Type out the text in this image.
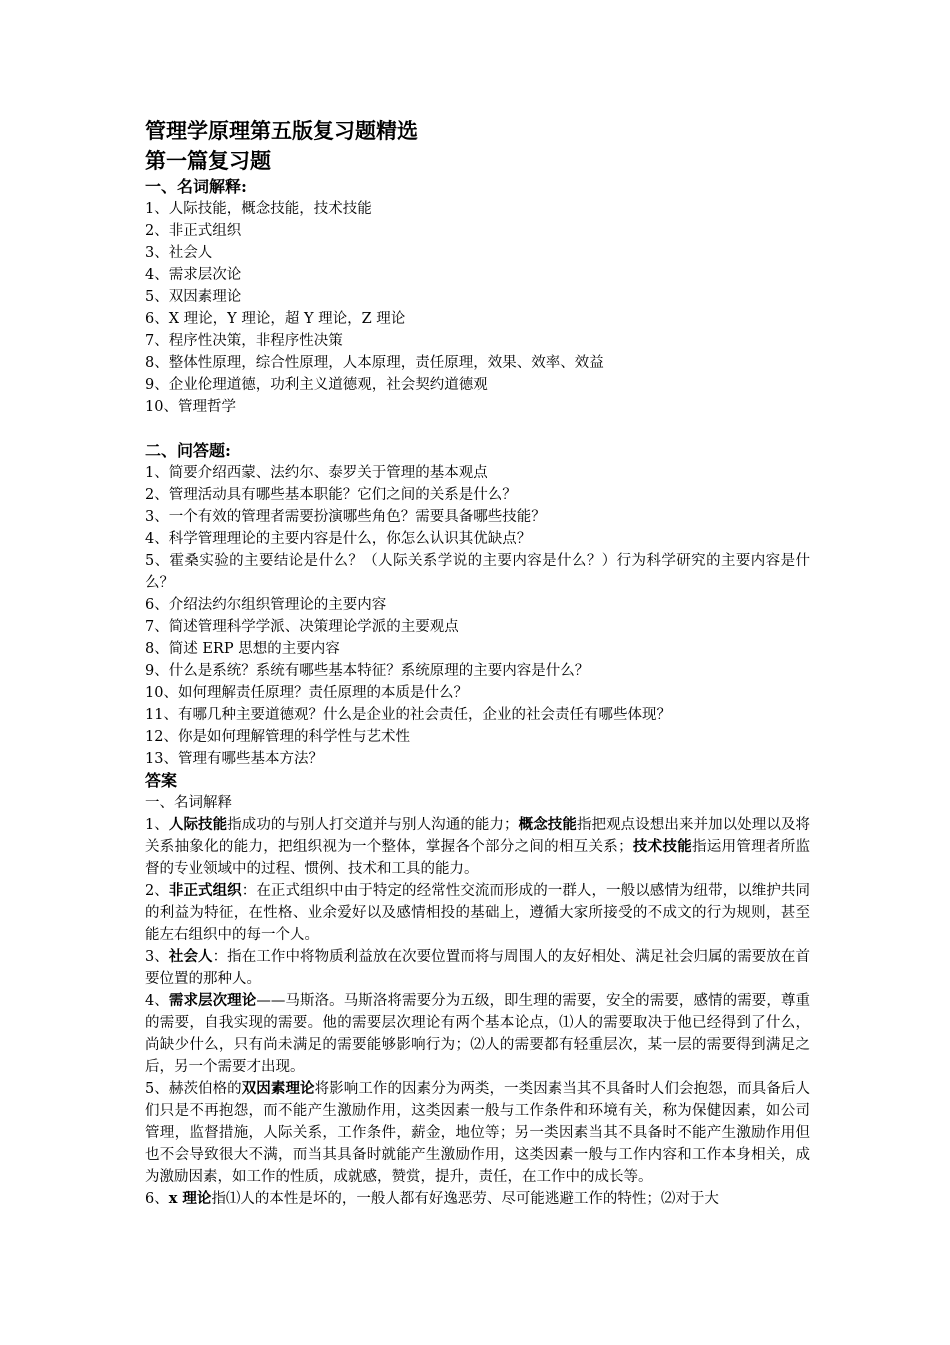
管理学原理第五版复习题精选
第一篇复习题
一、名词解释:
1、人际技能，概念技能，技术技能
2、非正式组织
3、社会人
4、需求层次论
5、双因素理论
6、X 理论，Y 理论，超 Y 理论，Z 理论
7、程序性决策，非程序性决策
8、整体性原理，综合性原理，人本原理，责任原理，效果、效率、效益
9、企业伦理道德，功利主义道德观，社会契约道德观
10、管理哲学
二、问答题:
1、简要介绍西蒙、法约尔、泰罗关于管理的基本观点
2、管理活动具有哪些基本职能？它们之间的关系是什么？
3、一个有效的管理者需要扮演哪些角色？需要具备哪些技能？
4、科学管理理论的主要内容是什么，你怎么认识其优缺点？
5、霍桑实验的主要结论是什么？（人际关系学说的主要内容是什么？）行为科学研究的主要内容是什么？
6、介绍法约尔组织管理论的主要内容
7、简述管理科学学派、决策理论学派的主要观点
8、简述 ERP 思想的主要内容
9、什么是系统？系统有哪些基本特征？系统原理的主要内容是什么？
10、如何理解责任原理？责任原理的本质是什么？
11、有哪几种主要道德观？什么是企业的社会责任，企业的社会责任有哪些体现？
12、你是如何理解管理的科学性与艺术性
13、管理有哪些基本方法？
答案
一、名词解释
1、人际技能指成功的与别人打交道并与别人沟通的能力；概念技能指把观点设想出来并加以处理以及将关系抽象化的能力，把组织视为一个整体，掌握各个部分之间的相互关系；技术技能指运用管理者所监督的专业领域中的过程、惯例、技术和工具的能力。
2、非正式组织：在正式组织中由于特定的经常性交流而形成的一群人，一般以感情为纽带，以维护共同的利益为特征，在性格、业余爱好以及感情相投的基础上，遵循大家所接受的不成文的行为规则，甚至能左右组织中的每一个人。
3、社会人：指在工作中将物质利益放在次要位置而将与周围人的友好相处、满足社会归属的需要放在首要位置的那种人。
4、需求层次理论——马斯洛。马斯洛将需要分为五级，即生理的需要，安全的需要，感情的需要，尊重的需要，自我实现的需要。他的需要层次理论有两个基本论点，⑴人的需要取决于他已经得到了什么，尚缺少什么，只有尚未满足的需要能够影响行为；⑵人的需要都有轻重层次，某一层的需要得到满足之后，另一个需要才出现。
5、赫茨伯格的双因素理论将影响工作的因素分为两类，一类因素当其不具备时人们会抱怨，而具备后人们只是不再抱怨，而不能产生激励作用，这类因素一般与工作条件和环境有关，称为保健因素，如公司管理，监督措施，人际关系，工作条件，薪金，地位等；另一类因素当其不具备时不能产生激励作用但也不会导致很大不满，而当其具备时就能产生激励作用，这类因素一般与工作内容和工作本身相关，成为激励因素，如工作的性质，成就感，赞赏，提升，责任，在工作中的成长等。
6、x 理论指⑴人的本性是坏的，一般人都有好逸恶劳、尽可能逃避工作的特性；⑵对于大
